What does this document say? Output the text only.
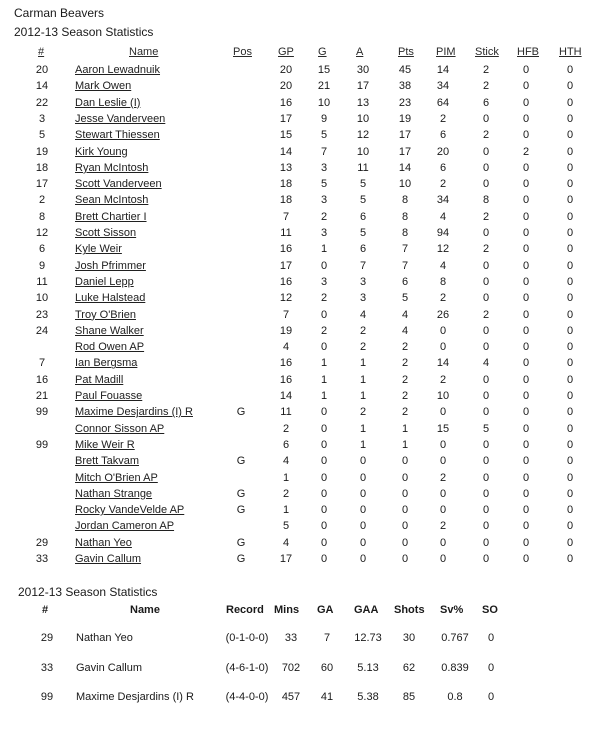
Carman Beavers
2012-13 Season Statistics
#	Name	Pos GP G	A	Pts PIM Stick HFB HTH
20	Aaron Lewadnuik	20	15	30	45	14	2	0	0
14	Mark Owen	20	21	17	38	34	2	0	0
22	Dan Leslie (I)	16	10	13	23	64	6	0	0
3	Jesse Vanderveen	17	9	10	19	2	0	0	0
5	Stewart Thiessen	15	5	12	17	6	2	0	0
19	Kirk Young	14	7	10	17	20	0	2	0
18	Ryan McIntosh	13	3	11	14	6	0	0	0
17	Scott Vanderveen	18	5	5	10	2	0	0	0
2	Sean McIntosh	18	3	5	8	34	8	0	0
8	Brett Chartier I	7	2	6	8	4	2	0	0
12	Scott Sisson	11	3	5	8	94	0	0	0
6	Kyle Weir	16	1	6	7	12	2	0	0
9	Josh Pfrimmer	17	0	7	7	4	0	0	0
11	Daniel Lepp	16	3	3	6	8	0	0	0
10	Luke Halstead	12	2	3	5	2	0	0	0
23	Troy O'Brien	7	0	4	4	26	2	0	0
24	Shane Walker	19	2	2	4	0	0	0	0
Rod Owen AP	4	0	2	2	0	0	0	0
7	Ian Bergsma	16	1	1	2	14	4	0	0
16	Pat Madill	16	1	1	2	2	0	0	0
21	Paul Fouasse	14	1	1	2	10	0	0	0
99	Maxime Desjardins (I) R	G	11	0	2	2	0	0	0	0
Connor Sisson AP	2	0	1	1	15	5	0	0
99	Mike Weir R	6	0	1	1	0	0	0	0
Brett Takvam	G	4	0	0	0	0	0	0	0
Mitch O'Brien AP	1	0	0	0	2	0	0	0
Nathan Strange	G	2	0	0	0	0	0	0	0
Rocky VandeVelde AP	G	1	0	0	0	0	0	0	0
Jordan Cameron AP	5	0	0	0	2	0	0	0
29	Nathan Yeo	G	4	0	0	0	0	0	0	0
33	Gavin Callum	G	17	0	0	0	0	0	0	0
2012-13 Season Statistics
#	Name	Record Mins GA GAA Shots Sv% SO
29	Nathan Yeo	(0-1-0-0)	33	7	12.73	30	0.767	0
33	Gavin Callum	(4-6-1-0)	702	60	5.13	62	0.839	0
99	Maxime Desjardins (I) R	(4-4-0-0)	457	41	5.38	85	0.8	0
